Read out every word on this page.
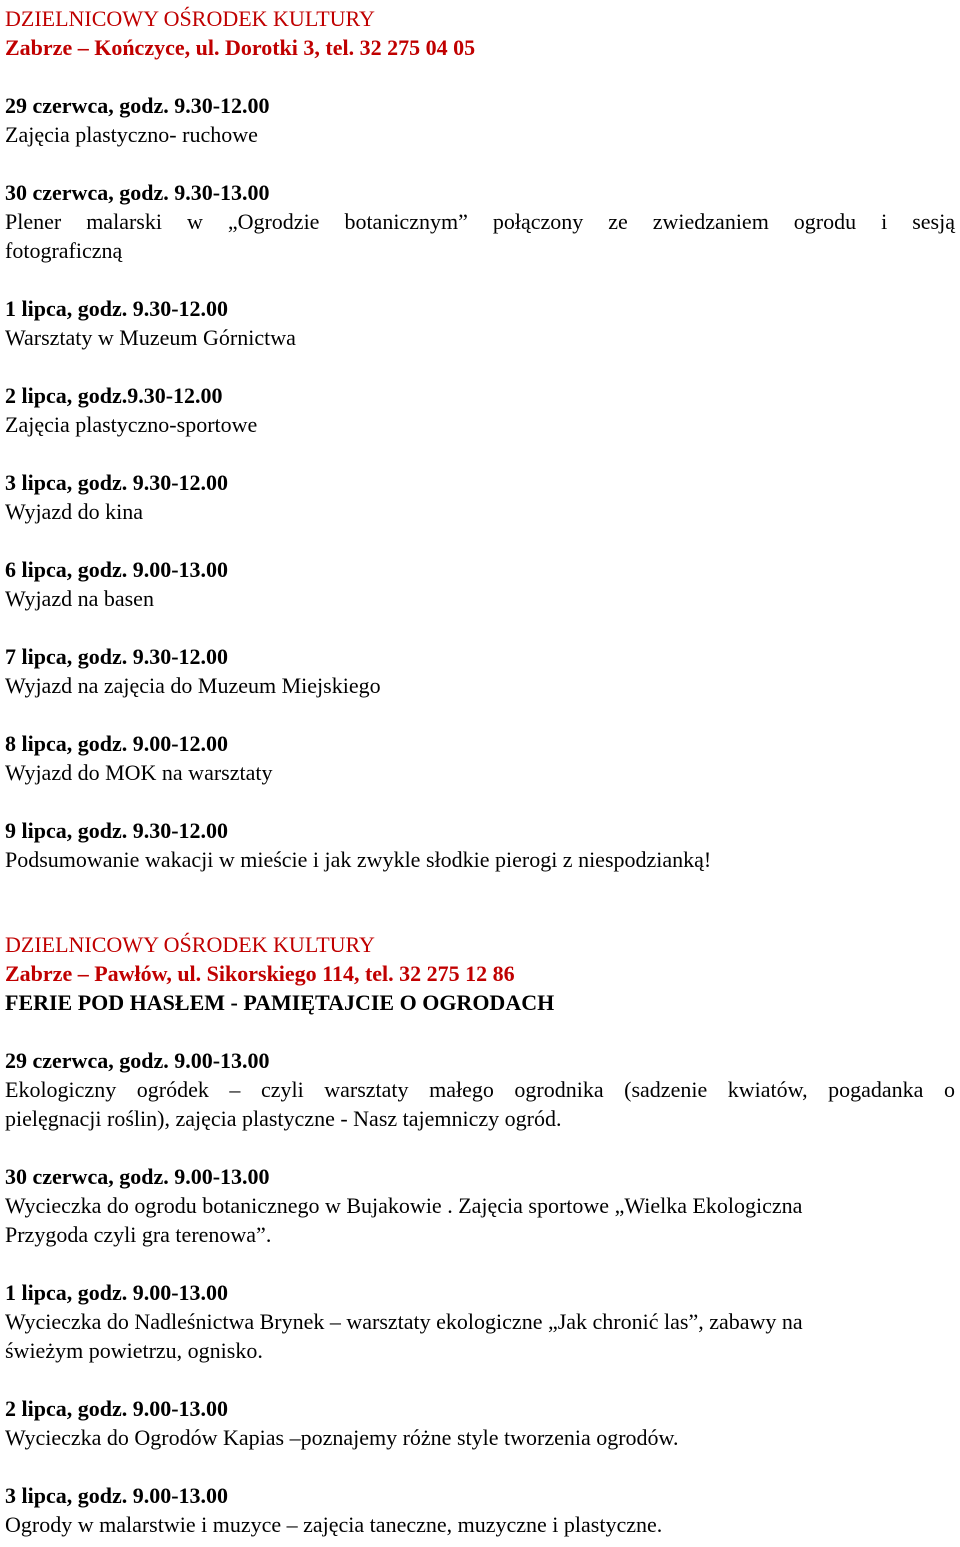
DZIELNICOWY OŚRODEK KULTURY
Zabrze – Kończyce, ul. Dorotki 3, tel. 32 275 04 05
29 czerwca, godz. 9.30-12.00
Zajęcia plastyczno- ruchowe
30 czerwca, godz. 9.30-13.00
Plener malarski w „Ogrodzie botanicznym” połączony ze zwiedzaniem ogrodu i sesją
fotograficzną
1 lipca, godz. 9.30-12.00
Warsztaty w Muzeum Górnictwa
2 lipca, godz.9.30-12.00
Zajęcia plastyczno-sportowe
3 lipca, godz. 9.30-12.00
Wyjazd do kina
6 lipca, godz. 9.00-13.00
Wyjazd na basen
7 lipca, godz. 9.30-12.00
Wyjazd na zajęcia do Muzeum Miejskiego
8 lipca, godz. 9.00-12.00
Wyjazd do MOK na warsztaty
9 lipca, godz. 9.30-12.00
Podsumowanie wakacji w mieście i jak zwykle słodkie pierogi z niespodzianką!
DZIELNICOWY OŚRODEK KULTURY
Zabrze – Pawłów, ul. Sikorskiego 114, tel. 32 275 12 86
FERIE POD HASŁEM - PAMIĘTAJCIE O OGRODACH
29 czerwca, godz. 9.00-13.00
Ekologiczny ogródek – czyli warsztaty małego ogrodnika (sadzenie kwiatów, pogadanka o
pielęgnacji roślin), zajęcia plastyczne - Nasz tajemniczy ogród.
30 czerwca, godz. 9.00-13.00
Wycieczka do ogrodu botanicznego w Bujakowie . Zajęcia sportowe „Wielka Ekologiczna
Przygoda czyli gra terenowa”.
1 lipca, godz. 9.00-13.00
Wycieczka do Nadleśnictwa Brynek – warsztaty ekologiczne „Jak chronić las”, zabawy na
świeżym powietrzu, ognisko.
2 lipca, godz. 9.00-13.00
Wycieczka do Ogrodów Kapias –poznajemy różne style tworzenia ogrodów.
3 lipca, godz. 9.00-13.00
Ogrody w malarstwie i muzyce – zajęcia taneczne, muzyczne i plastyczne.
